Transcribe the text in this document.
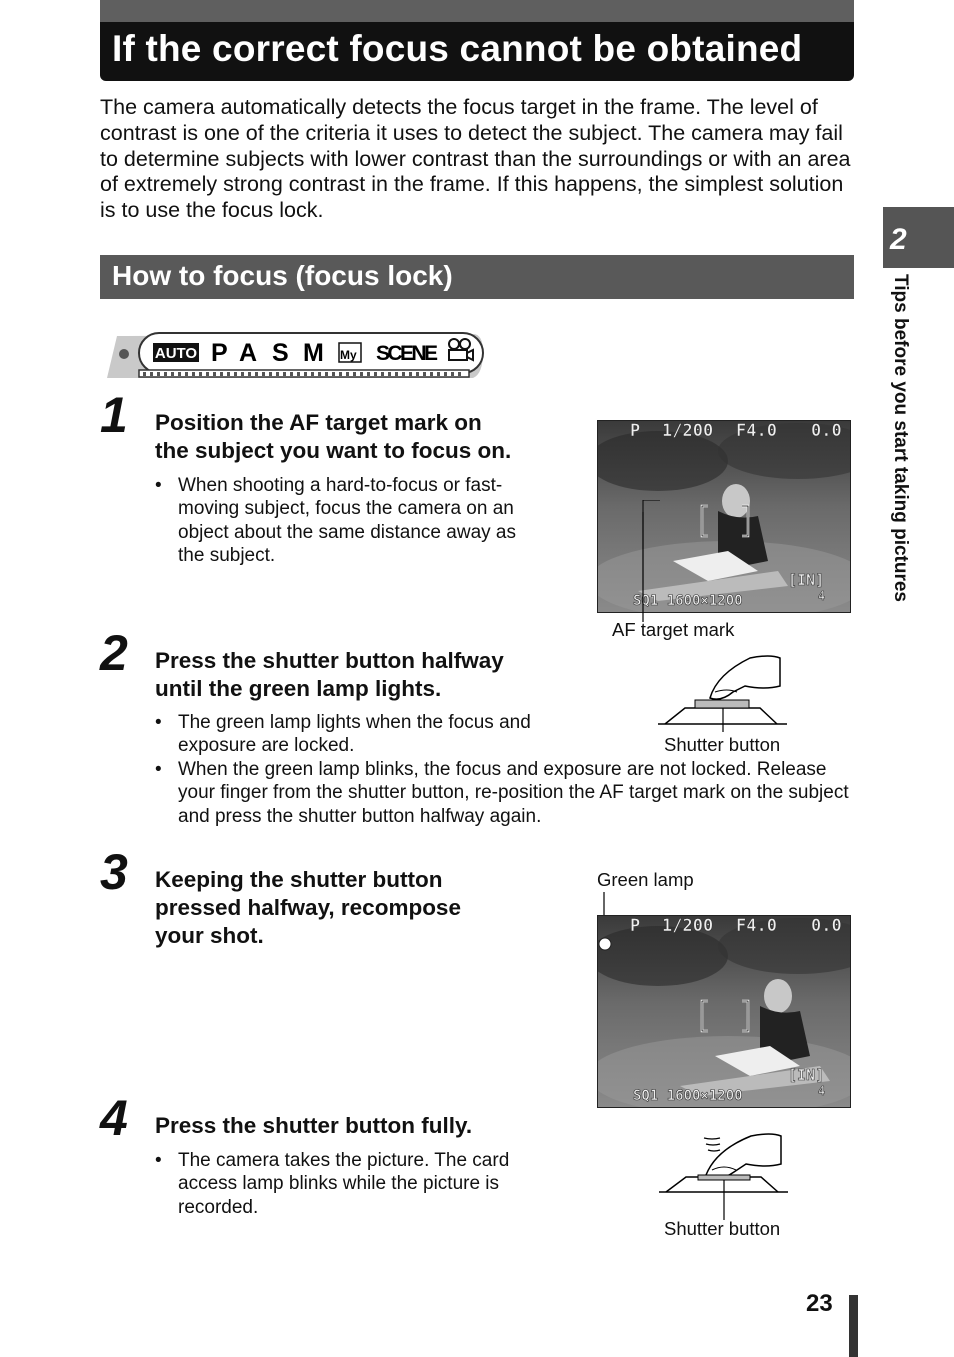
If the correct focus cannot be obtained

The camera automatically detects the focus target in the frame. The level of contrast is one of the criteria it uses to detect the subject. The camera may fail to determine subjects with lower contrast than the surroundings or with an area of extremely strong contrast in the frame. If this happens, the simplest solution is to use the focus lock.

How to focus (focus lock)
2
Tips before you start taking pictures
AUTO P A S M My SCENE
1 Position the AF target mark on

the subject you want to focus on.

• When shooting a hard-to-focus or fast-moving subject, focus the camera on an object about the same distance away as the subject.
P 1/200 F4.0 0.0
[IN]
4
SQ1 1600×1200
AF target mark
2 Press the shutter button halfway

until the green lamp lights.

• The green lamp lights when the focus and exposure are locked.
• When the green lamp blinks, the focus and exposure are not locked. Release your finger from the shutter button, re-position the AF target mark on the subject and press the shutter button halfway again.
Shutter button
3 Keeping the shutter button

pressed halfway, recompose

your shot.

Green lamp
P 1/200 F4.0 0.0
[IN]
4
SQ1 1600×1200
4 Press the shutter button fully.

• The camera takes the picture. The card access lamp blinks while the picture is recorded.
Shutter button
23
